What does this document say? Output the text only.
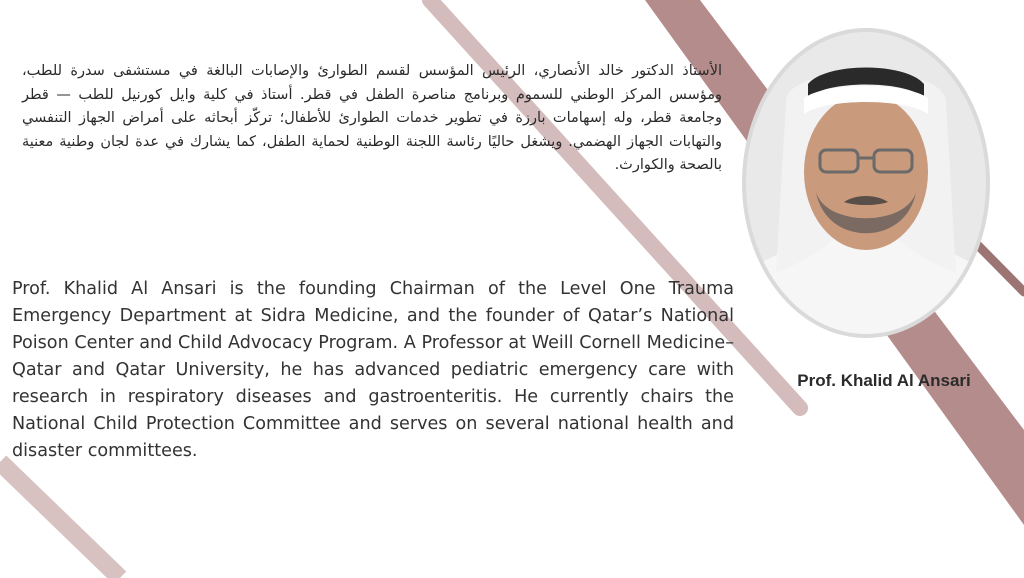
الأستاذ الدكتور خالد الأنصاري، الرئيس المؤسس لقسم الطوارئ والإصابات البالغة في مستشفى سدرة للطب، ومؤسس المركز الوطني للسموم وبرنامج مناصرة الطفل في قطر. أستاذ في كلية وايل كورنيل للطب — قطر وجامعة قطر، وله إسهامات بارزة في تطوير خدمات الطوارئ للأطفال؛ تركّز أبحاثه على أمراض الجهاز التنفسي والتهابات الجهاز الهضمي. ويشغل حاليًا رئاسة اللجنة الوطنية لحماية الطفل، كما يشارك في عدة لجان وطنية معنية بالصحة والكوارث.
Prof. Khalid Al Ansari is the founding Chairman of the Level One Trauma Emergency Department at Sidra Medicine, and the founder of Qatar’s National Poison Center and Child Advocacy Program. A Professor at Weill Cornell Medicine–Qatar and Qatar University, he has advanced pediatric emergency care with research in respiratory diseases and gastroenteritis. He currently chairs the National Child Protection Committee and serves on several national health and disaster committees.
Prof. Khalid Al Ansari
